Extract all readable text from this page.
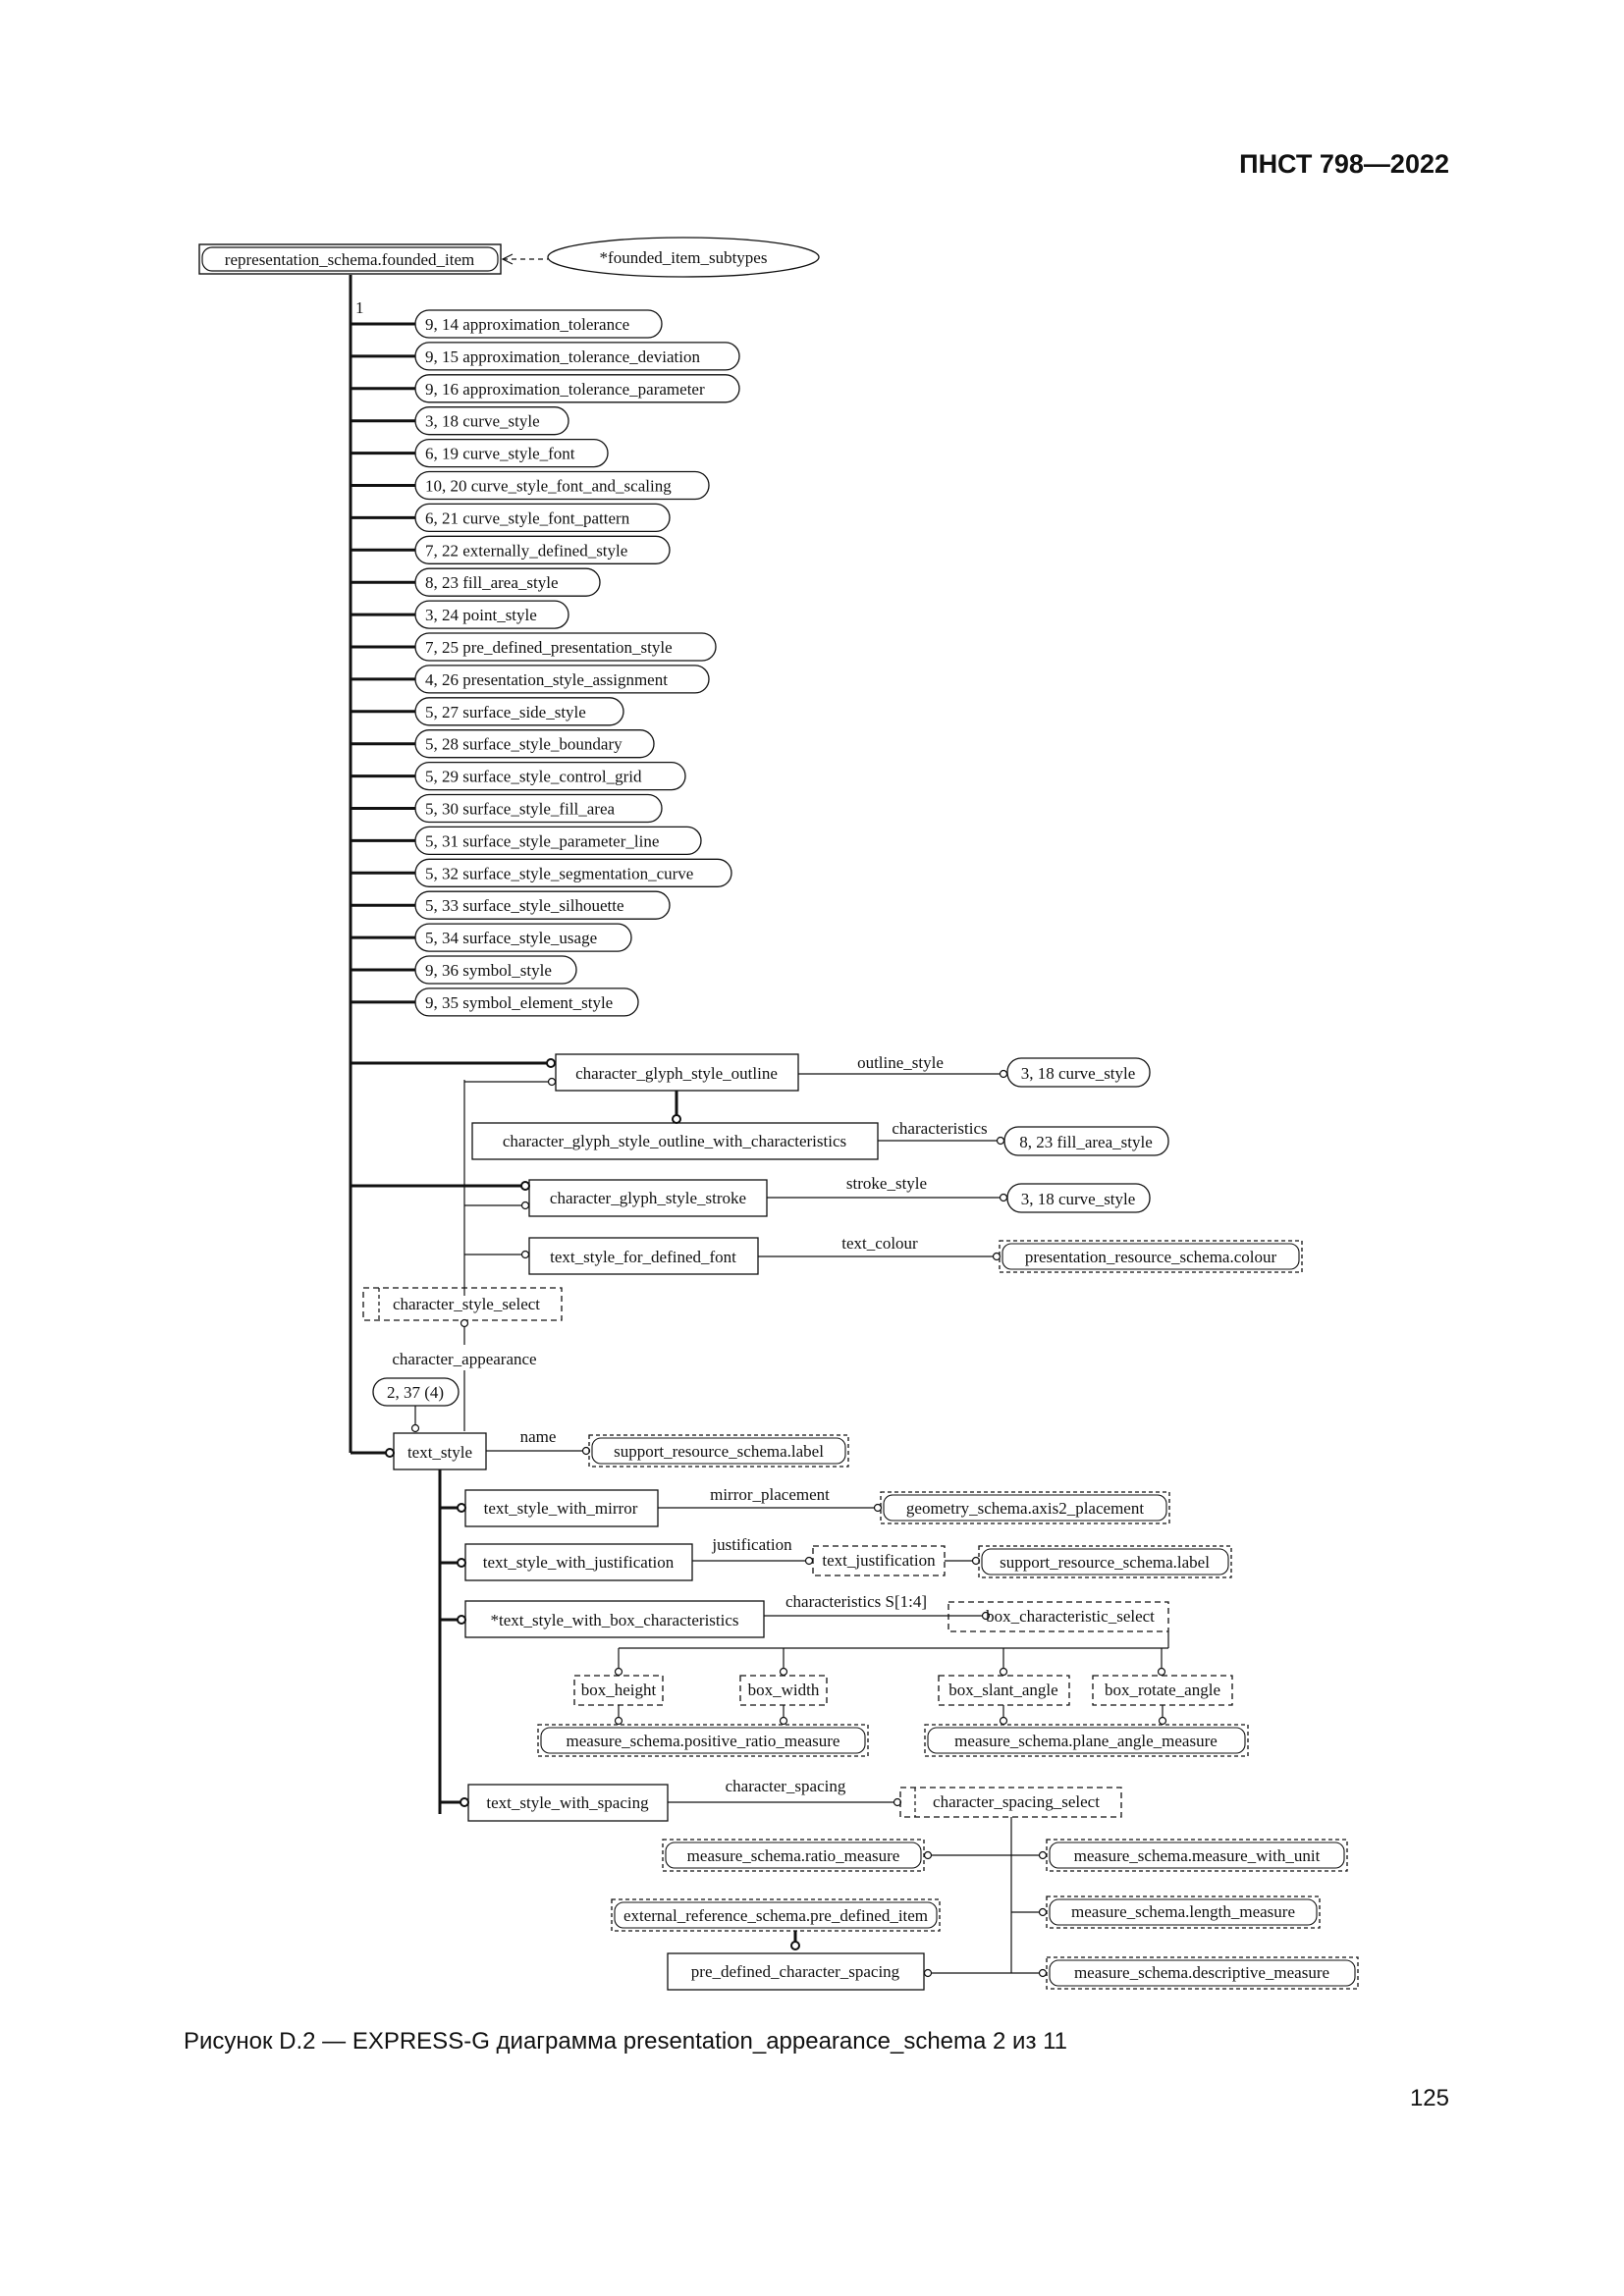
ПНСТ 798—2022
representation_schema.founded_item	*founded_item_subtypes
1
9, 14 approximation_tolerance
9, 15 approximation_tolerance_deviation
9, 16 approximation_tolerance_parameter
3, 18 curve_style
6, 19 curve_style_font
10, 20 curve_style_font_and_scaling
6, 21 curve_style_font_pattern
7, 22 externally_defined_style
8, 23 fill_area_style
3, 24 point_style
7, 25 pre_defined_presentation_style
4, 26 presentation_style_assignment
5, 27 surface_side_style
5, 28 surface_style_boundary
5, 29 surface_style_control_grid
5, 30 surface_style_fill_area
5, 31 surface_style_parameter_line
5, 32 surface_style_segmentation_curve
5, 33 surface_style_silhouette
5, 34 surface_style_usage
9, 36 symbol_style
9, 35 symbol_element_style
character_glyph_style_outline
outline_style
3, 18 curve_style
character_glyph_style_outline_with_characteristics
characteristics
8, 23 fill_area_style
character_glyph_style_stroke
stroke_style
3, 18 curve_style
text_style_for_defined_font
text_colour
presentation_resource_schema.colour
character_style_select
character_appearance
2, 37 (4)
text_style
name
support_resource_schema.label
text_style_with_mirror
mirror_placement
geometry_schema.axis2_placement
text_style_with_justification
justification
text_justification	support_resource_schema.label
*text_style_with_box_characteristics
characteristics S[1:4]
box_characteristic_select
box_height	box_width	box_slant_angle	box_rotate_angle
measure_schema.positive_ratio_measure	measure_schema.plane_angle_measure
text_style_with_spacing
character_spacing
character_spacing_select
measure_schema.ratio_measure	measure_schema.measure_with_unit
measure_schema.length_measure
measure_schema.descriptive_measure
external_reference_schema.pre_defined_item
pre_defined_character_spacing
Рисунок D.2 — EXPRESS-G диаграмма presentation_appearance_schema 2 из 11
125
